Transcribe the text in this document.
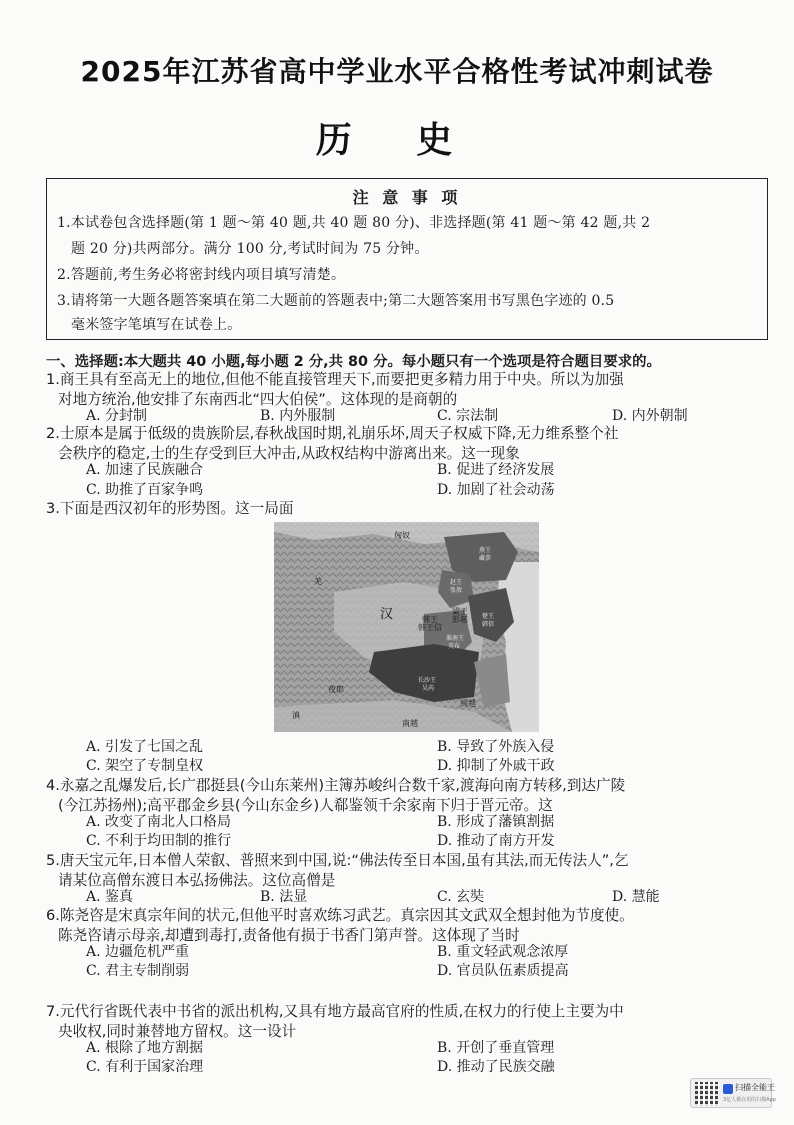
2025年江苏省高中学业水平合格性考试冲刺试卷
历 史
注 意 事 项
1.本试卷包含选择题(第 1 题～第 40 题,共 40 题 80 分)、非选择题(第 41 题～第 42 题,共 2
题 20 分)共两部分。满分 100 分,考试时间为 75 分钟。
2.答题前,考生务必将密封线内项目填写清楚。
3.请将第一大题各题答案填在第二大题前的答题表中;第二大题答案用书写黑色字迹的 0.5
毫米签字笔填写在试卷上。
一、选择题:本大题共 40 小题,每小题 2 分,共 80 分。每小题只有一个选项是符合题目要求的。
1.商王具有至高无上的地位,但他不能直接管理天下,而要把更多精力用于中央。所以为加强
对地方统治,他安排了东南西北“四大伯侯”。这体现的是商朝的
A. 分封制	B. 内外服制	C. 宗法制	D. 内外朝制
2.士原本是属于低级的贵族阶层,春秋战国时期,礼崩乐坏,周天子权威下降,无力维系整个社
会秩序的稳定,士的生存受到巨大冲击,从政权结构中游离出来。这一现象
A. 加速了民族融合	B. 促进了经济发展
C. 助推了百家争鸣	D. 加剧了社会动荡
3.下面是西汉初年的形势图。这一局面
匈奴
燕王
藏荼
赵王
张敖
梁王
彭越
韩王
韩王信
楚王
韩信
淮南王
英布
汉
羌
长沙王
吴芮
夜郎
滇
南越
闽越
A. 引发了七国之乱	B. 导致了外族入侵
C. 架空了专制皇权	D. 抑制了外戚干政
4.永嘉之乱爆发后,长广郡挺县(今山东莱州)主簿苏峻纠合数千家,渡海向南方转移,到达广陵
(今江苏扬州);高平郡金乡县(今山东金乡)人郗鉴领千余家南下归于晋元帝。这
A. 改变了南北人口格局	B. 形成了藩镇割据
C. 不利于均田制的推行	D. 推动了南方开发
5.唐天宝元年,日本僧人荣叡、普照来到中国,说:“佛法传至日本国,虽有其法,而无传法人”,乞
请某位高僧东渡日本弘扬佛法。这位高僧是
A. 鉴真	B. 法显	C. 玄奘	D. 慧能
6.陈尧咨是宋真宗年间的状元,但他平时喜欢练习武艺。真宗因其文武双全想封他为节度使。
陈尧咨请示母亲,却遭到毒打,责备他有损于书香门第声誉。这体现了当时
A. 边疆危机严重	B. 重文轻武观念浓厚
C. 君主专制削弱	D. 官员队伍素质提高
7.元代行省既代表中书省的派出机构,又具有地方最高官府的性质,在权力的行使上主要为中
央收权,同时兼替地方留权。这一设计
A. 根除了地方割据	B. 开创了垂直管理
C. 有利于国家治理	D. 推动了民族交融
扫描全能王
3亿人都在用的扫描App
